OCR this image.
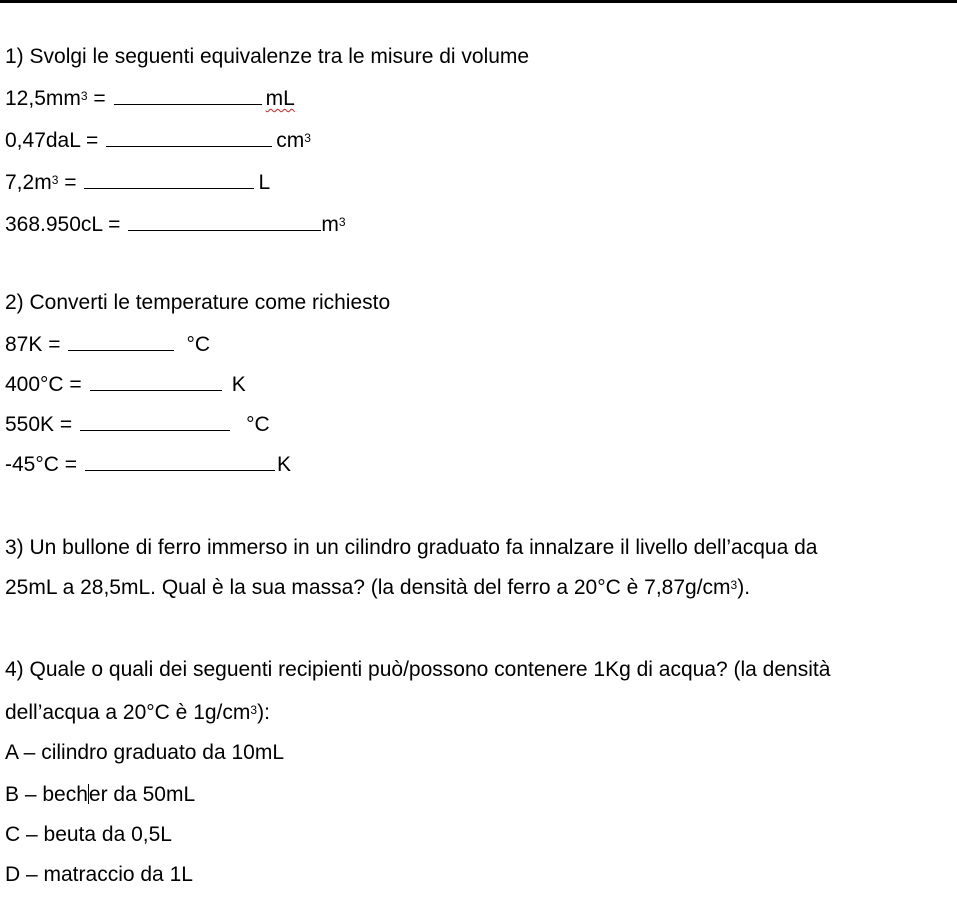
1) Svolgi le seguenti equivalenze tra le misure di volume
$12,5mm^3$ =	mL
0,47daL =	$cm^3$
$7,2m^3$ =	L
368.950cL =	$m^3$
2) Converti le temperature come richiesto
87K =	°C
400°C =	K
550K =	°C
-45°C =	K
3) Un bullone di ferro immerso in un cilindro graduato fa innalzare il livello dell’acqua da
25mL a 28,5mL. Qual è la sua massa? (la densità del ferro a 20°C è $7,87g/cm^3$).
4) Quale o quali dei seguenti recipienti può/possono contenere 1Kg di acqua? (la densità
dell’acqua a 20°C è $1g/cm^3$):
A – cilindro graduato da 10mL
B – becher da 50mL
C – beuta da 0,5L
D – matraccio da 1L
